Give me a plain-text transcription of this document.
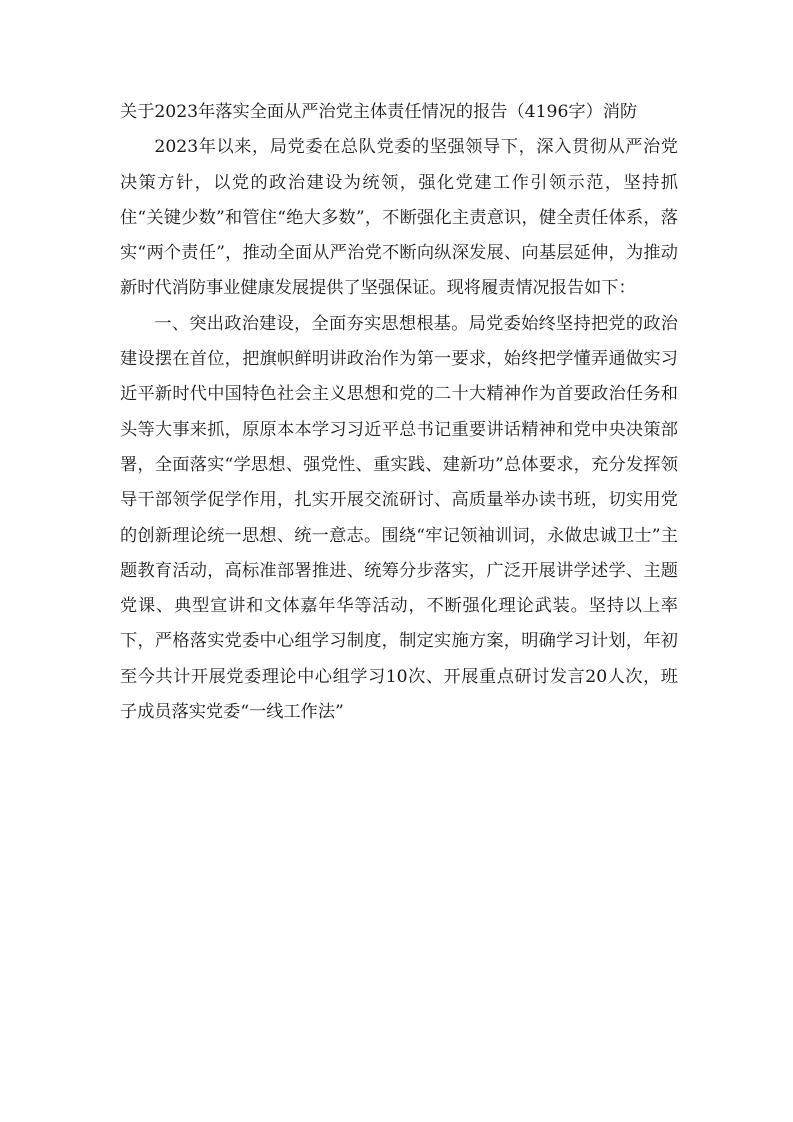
关于2023年落实全面从严治党主体责任情况的报告（4196字）消防

2023年以来，局党委在总队党委的坚强领导下，深入贯彻从严治党决策方针，以党的政治建设为统领，强化党建工作引领示范，坚持抓住“关键少数”和管住“绝大多数”，不断强化主责意识，健全责任体系，落实“两个责任”，推动全面从严治党不断向纵深发展、向基层延伸，为推动新时代消防事业健康发展提供了坚强保证。现将履责情况报告如下：

一、突出政治建设，全面夯实思想根基。局党委始终坚持把党的政治建设摆在首位，把旗帜鲜明讲政治作为第一要求，始终把学懂弄通做实习近平新时代中国特色社会主义思想和党的二十大精神作为首要政治任务和头等大事来抓，原原本本学习习近平总书记重要讲话精神和党中央决策部署，全面落实“学思想、强党性、重实践、建新功”总体要求，充分发挥领导干部领学促学作用，扎实开展交流研讨、高质量举办读书班，切实用党的创新理论统一思想、统一意志。围绕“牢记领袖训词，永做忠诚卫士”主题教育活动，高标准部署推进、统筹分步落实，广泛开展讲学述学、主题党课、典型宣讲和文体嘉年华等活动，不断强化理论武装。坚持以上率下，严格落实党委中心组学习制度，制定实施方案，明确学习计划，年初至今共计开展党委理论中心组学习10次、开展重点研讨发言20人次，班子成员落实党委“一线工作法”
